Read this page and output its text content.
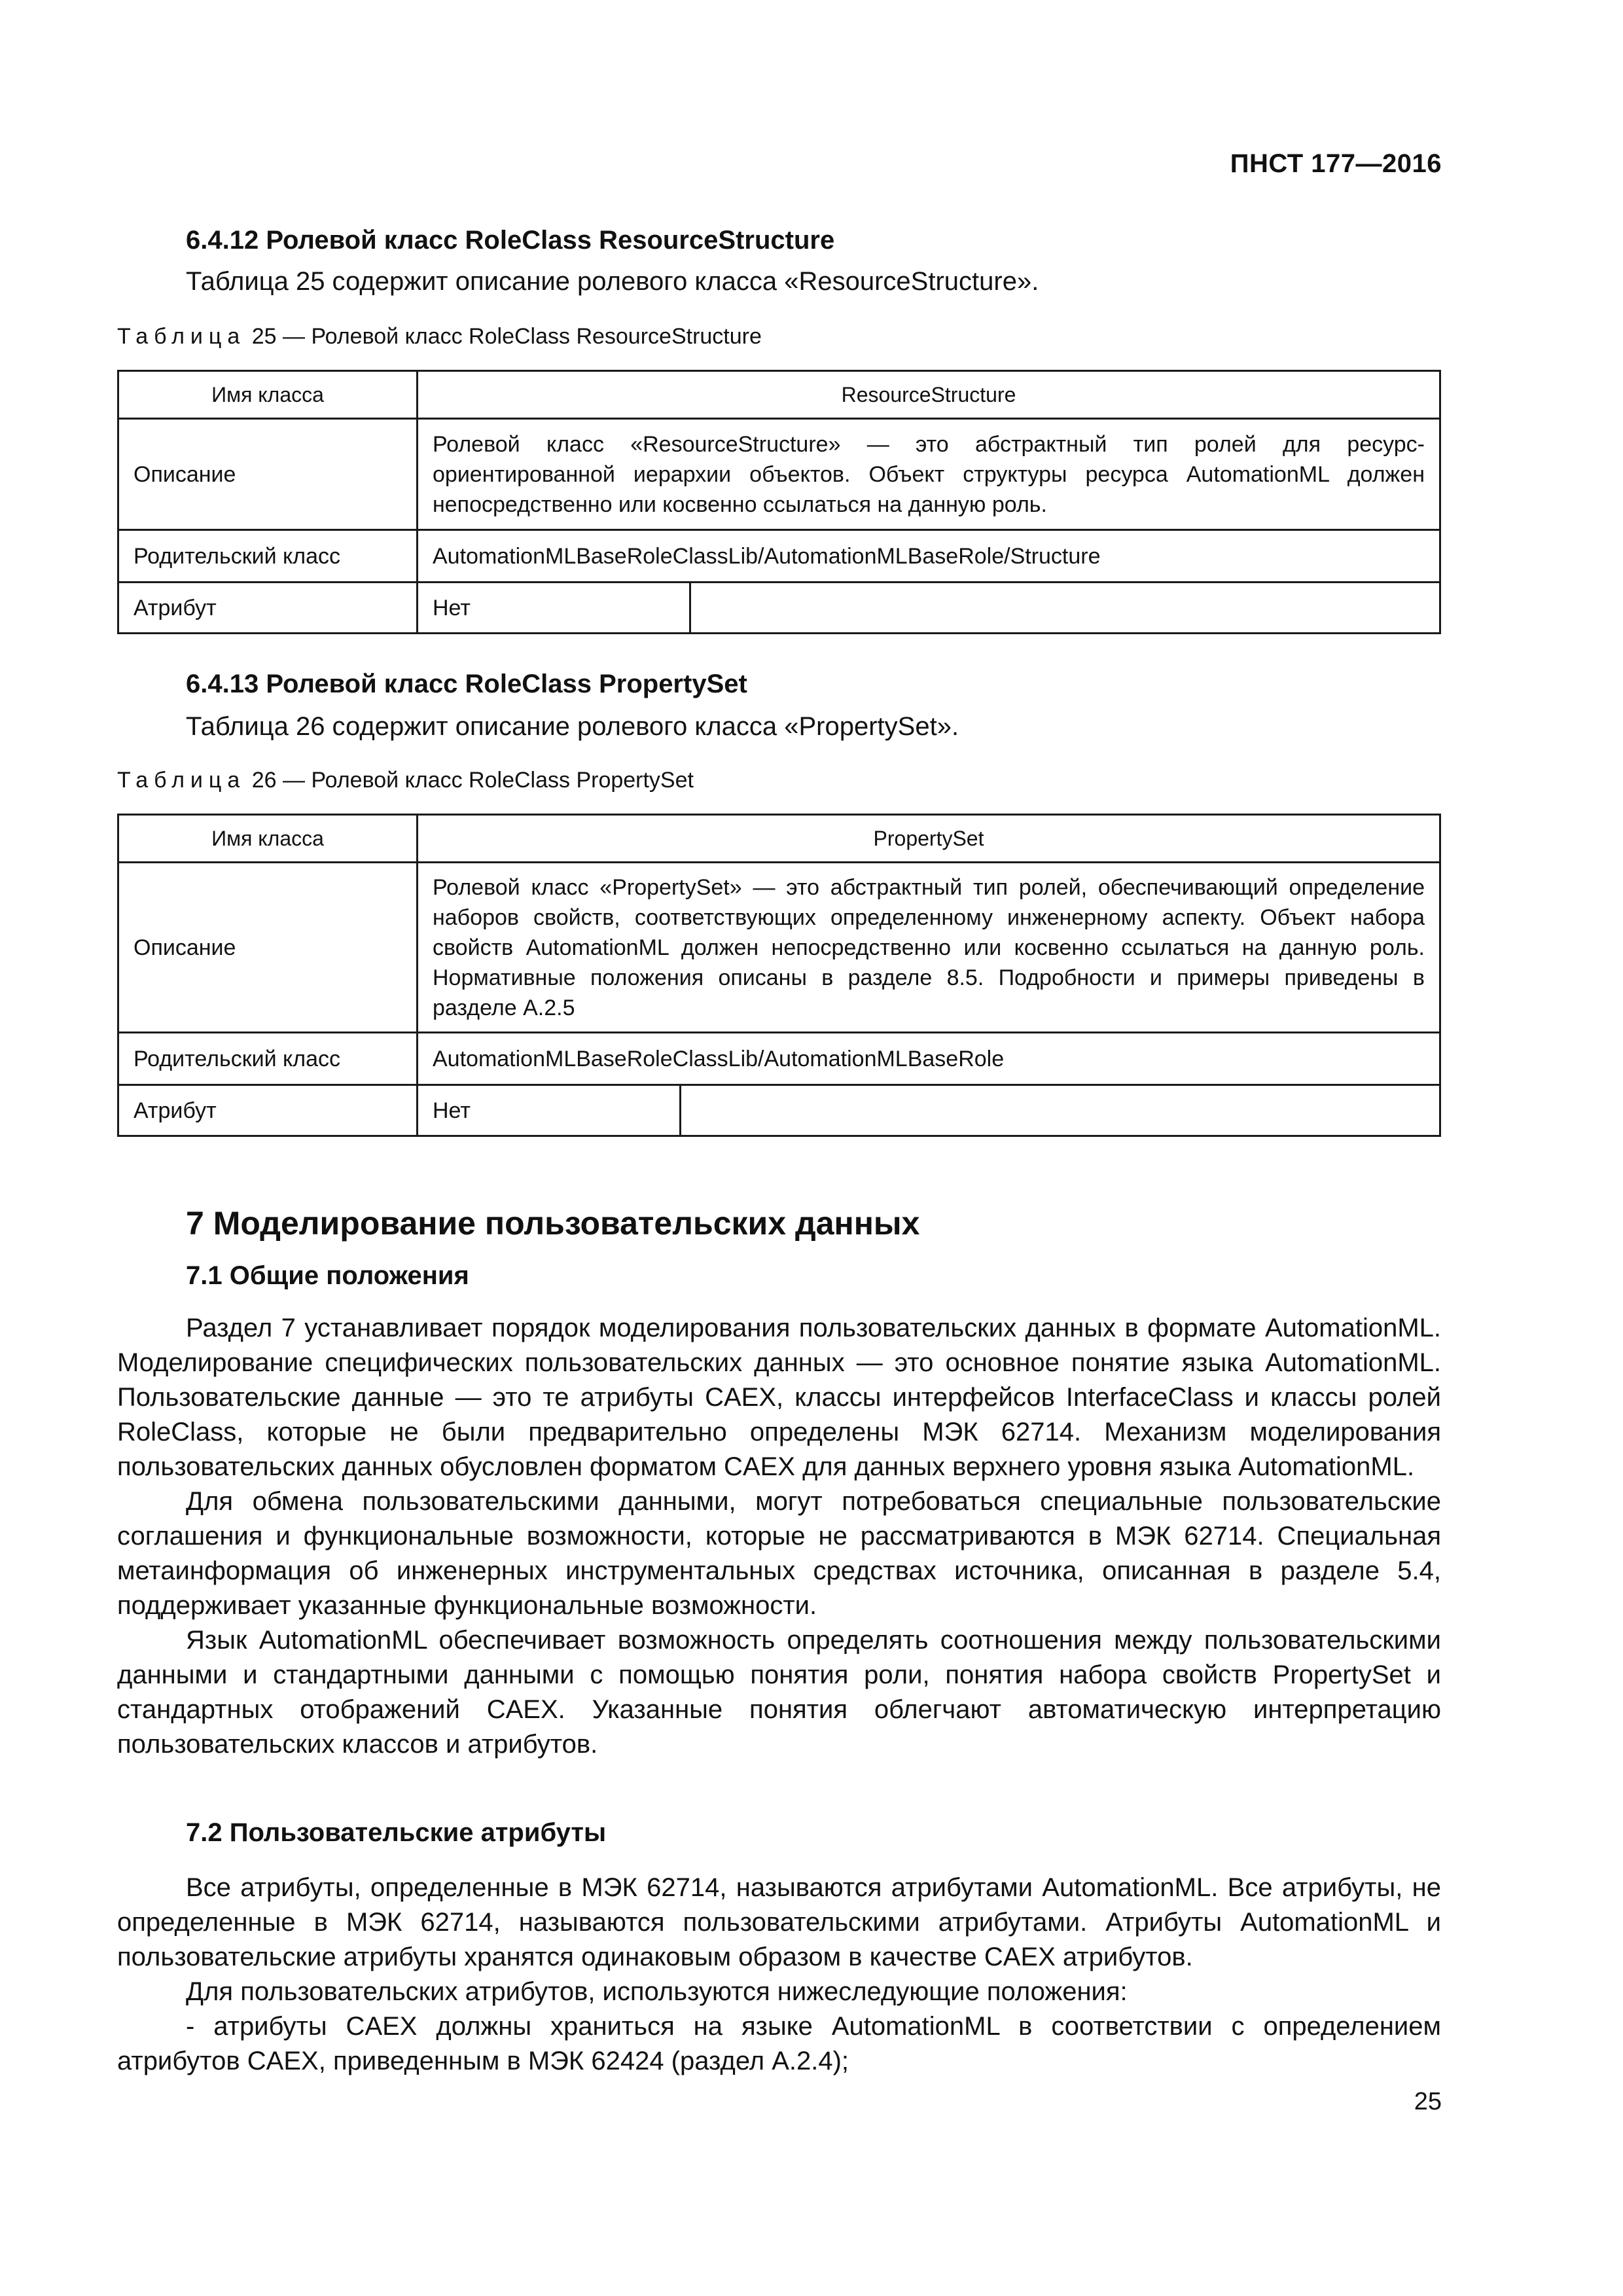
ПНСТ 177—2016
6.4.12 Ролевой класс RoleClass ResourceStructure
Таблица 25 содержит описание ролевого класса «ResourceStructure».
Таблица 25 — Ролевой класс RoleClass ResourceStructure
Имя класса	ResourceStructure	
Описание	Ролевой класс «ResourceStructure» — это абстрактный тип ролей для ресурс-ориентированной иерархии объектов. Объект структуры ресурса AutomationML должен непосредственно или косвенно ссылаться на данную роль.	
Родительский класс	AutomationMLBaseRoleClassLib/AutomationMLBaseRole/Structure	
Атрибут	Нет	
6.4.13 Ролевой класс RoleClass PropertySet
Таблица 26 содержит описание ролевого класса «PropertySet».
Таблица 26 — Ролевой класс RoleClass PropertySet
Имя класса	PropertySet	
Описание	Ролевой класс «PropertySet» — это абстрактный тип ролей, обеспечивающий определение наборов свойств, соответствующих определенному инженерному аспекту. Объект набора свойств AutomationML должен непосредственно или косвенно ссылаться на данную роль. Нормативные положения описаны в разделе 8.5. Подробности и примеры приведены в разделе А.2.5	
Родительский класс	AutomationMLBaseRoleClassLib/AutomationMLBaseRole	
Атрибут	Нет	
7 Моделирование пользовательских данных
7.1 Общие положения

Раздел 7 устанавливает порядок моделирования пользовательских данных в формате AutomationML. Моделирование специфических пользовательских данных — это основное понятие языка AutomationML. Пользовательские данные — это те атрибуты CAEX, классы интерфейсов InterfaceClass и классы ролей RoleClass, которые не были предварительно определены МЭК 62714. Механизм моделирования пользовательских данных обусловлен форматом CAEX для данных верхнего уровня языка AutomationML.

Для обмена пользовательскими данными, могут потребоваться специальные пользовательские соглашения и функциональные возможности, которые не рассматриваются в МЭК 62714. Специальная метаинформация об инженерных инструментальных средствах источника, описанная в разделе 5.4, поддерживает указанные функциональные возможности.

Язык AutomationML обеспечивает возможность определять соотношения между пользовательскими данными и стандартными данными с помощью понятия роли, понятия набора свойств PropertySet и стандартных отображений CAEX. Указанные понятия облегчают автоматическую интерпретацию пользовательских классов и атрибутов.

7.2 Пользовательские атрибуты

Все атрибуты, определенные в МЭК 62714, называются атрибутами AutomationML. Все атрибуты, не определенные в МЭК 62714, называются пользовательскими атрибутами. Атрибуты AutomationML и пользовательские атрибуты хранятся одинаковым образом в качестве CAEX атрибутов.

Для пользовательских атрибутов, используются нижеследующие положения:

- атрибуты CAEX должны храниться на языке AutomationML в соответствии с определением атрибутов CAEX, приведенным в МЭК 62424 (раздел А.2.4);

25
